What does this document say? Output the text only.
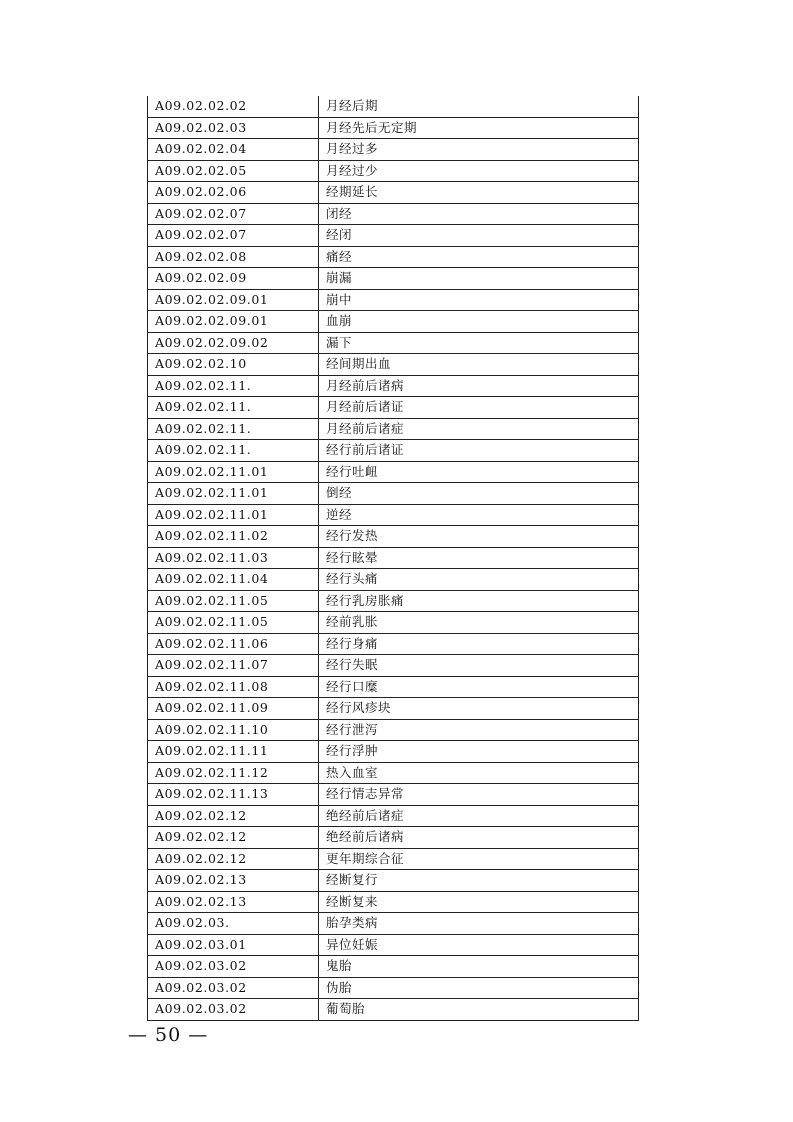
A09.02.02.02	月经后期
A09.02.02.03	月经先后无定期
A09.02.02.04	月经过多
A09.02.02.05	月经过少
A09.02.02.06	经期延长
A09.02.02.07	闭经
A09.02.02.07	经闭
A09.02.02.08	痛经
A09.02.02.09	崩漏
A09.02.02.09.01	崩中
A09.02.02.09.01	血崩
A09.02.02.09.02	漏下
A09.02.02.10	经间期出血
A09.02.02.11.	月经前后诸病
A09.02.02.11.	月经前后诸证
A09.02.02.11.	月经前后诸症
A09.02.02.11.	经行前后诸证
A09.02.02.11.01	经行吐衄
A09.02.02.11.01	倒经
A09.02.02.11.01	逆经
A09.02.02.11.02	经行发热
A09.02.02.11.03	经行眩晕
A09.02.02.11.04	经行头痛
A09.02.02.11.05	经行乳房胀痛
A09.02.02.11.05	经前乳胀
A09.02.02.11.06	经行身痛
A09.02.02.11.07	经行失眠
A09.02.02.11.08	经行口糜
A09.02.02.11.09	经行风疹块
A09.02.02.11.10	经行泄泻
A09.02.02.11.11	经行浮肿
A09.02.02.11.12	热入血室
A09.02.02.11.13	经行情志异常
A09.02.02.12	绝经前后诸症
A09.02.02.12	绝经前后诸病
A09.02.02.12	更年期综合征
A09.02.02.13	经断复行
A09.02.02.13	经断复来
A09.02.03.	胎孕类病
A09.02.03.01	异位妊娠
A09.02.03.02	鬼胎
A09.02.03.02	伪胎
A09.02.03.02	葡萄胎
— 50 —
